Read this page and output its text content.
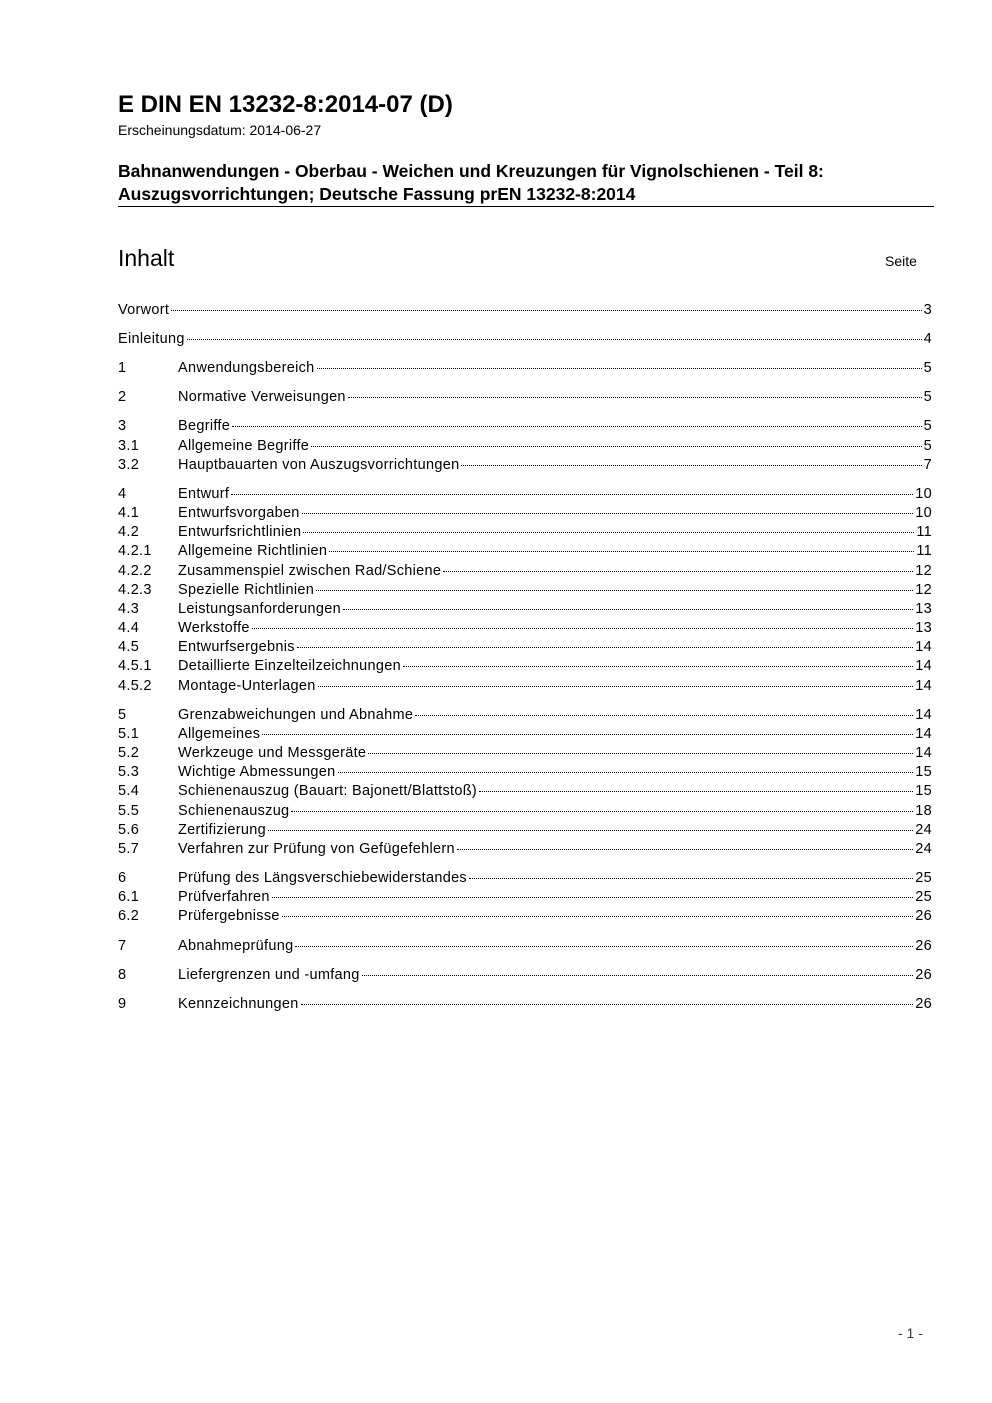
E DIN EN 13232-8:2014-07 (D)
Erscheinungsdatum: 2014-06-27
Bahnanwendungen - Oberbau - Weichen und Kreuzungen für Vignolschienen - Teil 8: Auszugsvorrichtungen; Deutsche Fassung prEN 13232-8:2014
Inhalt	Seite
Vorwort	3
Einleitung	4
1	Anwendungsbereich	5
2	Normative Verweisungen	5
3	Begriffe	5
3.1	Allgemeine Begriffe	5
3.2	Hauptbauarten von Auszugsvorrichtungen	7
4	Entwurf	10
4.1	Entwurfsvorgaben	10
4.2	Entwurfsrichtlinien	11
4.2.1 Allgemeine Richtlinien	11
4.2.2 Zusammenspiel zwischen Rad/Schiene	12
4.2.3 Spezielle Richtlinien	12
4.3	Leistungsanforderungen	13
4.4	Werkstoffe	13
4.5	Entwurfsergebnis	14
4.5.1 Detaillierte Einzelteilzeichnungen	14
4.5.2 Montage-Unterlagen	14
5	Grenzabweichungen und Abnahme	14
5.1	Allgemeines	14
5.2	Werkzeuge und Messgeräte	14
5.3	Wichtige Abmessungen	15
5.4	Schienenauszug (Bauart: Bajonett/Blattstoß)	15
5.5	Schienenauszug	18
5.6	Zertifizierung	24
5.7	Verfahren zur Prüfung von Gefügefehlern	24
6	Prüfung des Längsverschiebewiderstandes	25
6.1	Prüfverfahren	25
6.2	Prüfergebnisse	26
7	Abnahmeprüfung	26
8	Liefergrenzen und -umfang	26
9	Kennzeichnungen	26
- 1 -
